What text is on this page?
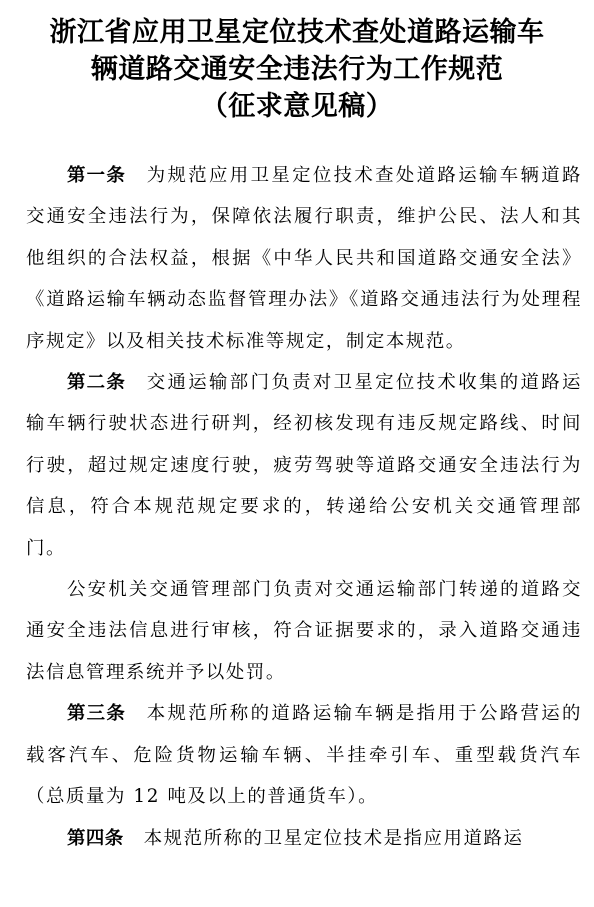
浙江省应用卫星定位技术查处道路运输车
辆道路交通安全违法行为工作规范
（征求意见稿）

第一条　 为规范应用卫星定位技术查处道路运输车辆道路交通安全违法行为，保障依法履行职责，维护公民、法人和其他组织的合法权益，根据《中华人民共和国道路交通安全法》《道路运输车辆动态监督管理办法》《道路交通违法行为处理程序规定》以及相关技术标准等规定，制定本规范。

第二条　 交通运输部门负责对卫星定位技术收集的道路运输车辆行驶状态进行研判，经初核发现有违反规定路线、时间行驶，超过规定速度行驶，疲劳驾驶等道路交通安全违法行为信息，符合本规范规定要求的，转递给公安机关交通管理部门。

公安机关交通管理部门负责对交通运输部门转递的道路交通安全违法信息进行审核，符合证据要求的，录入道路交通违法信息管理系统并予以处罚。

第三条　 本规范所称的道路运输车辆是指用于公路营运的载客汽车、危险货物运输车辆、半挂牵引车、重型载货汽车（总质量为 12 吨及以上的普通货车）。

第四条　 本规范所称的卫星定位技术是指应用道路运
